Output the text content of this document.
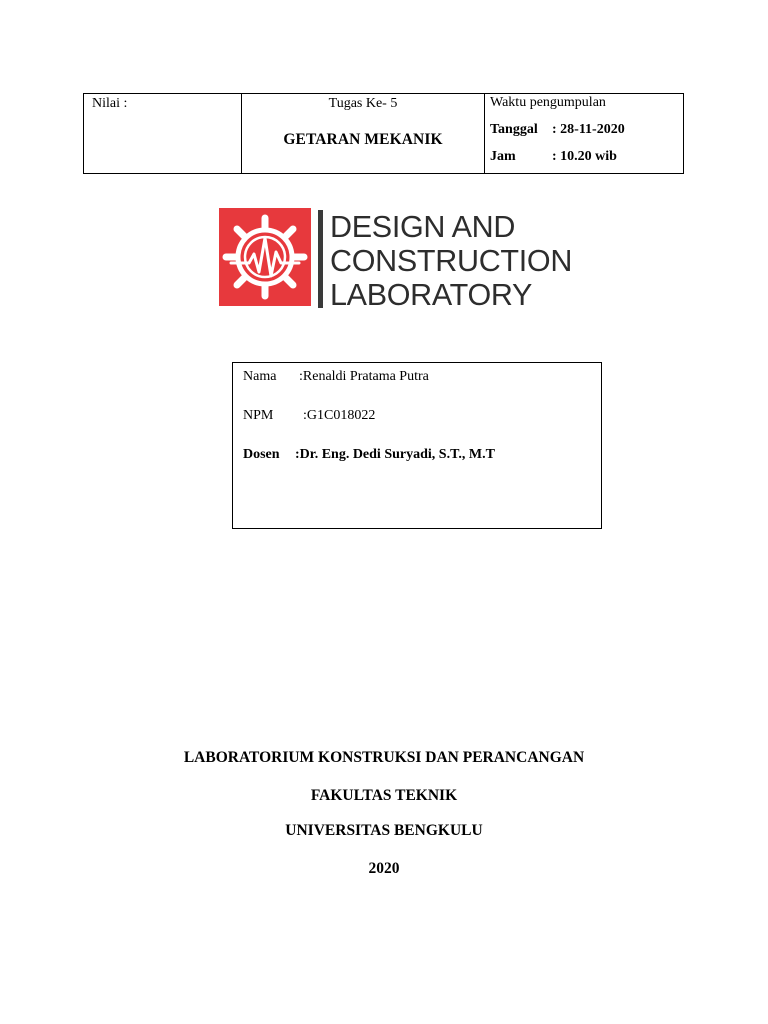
Nilai :	Tugas Ke- 5
GETARAN MEKANIK
Waktu pengumpulan
Tanggal : 28-11-2020
Jam	: 10.20 wib
DESIGN AND
CONSTRUCTION
LABORATORY
Nama :Renaldi Pratama Putra
NPM :G1C018022
Dosen :Dr. Eng. Dedi Suryadi, S.T., M.T
LABORATORIUM KONSTRUKSI DAN PERANCANGAN
FAKULTAS TEKNIK
UNIVERSITAS BENGKULU
2020
